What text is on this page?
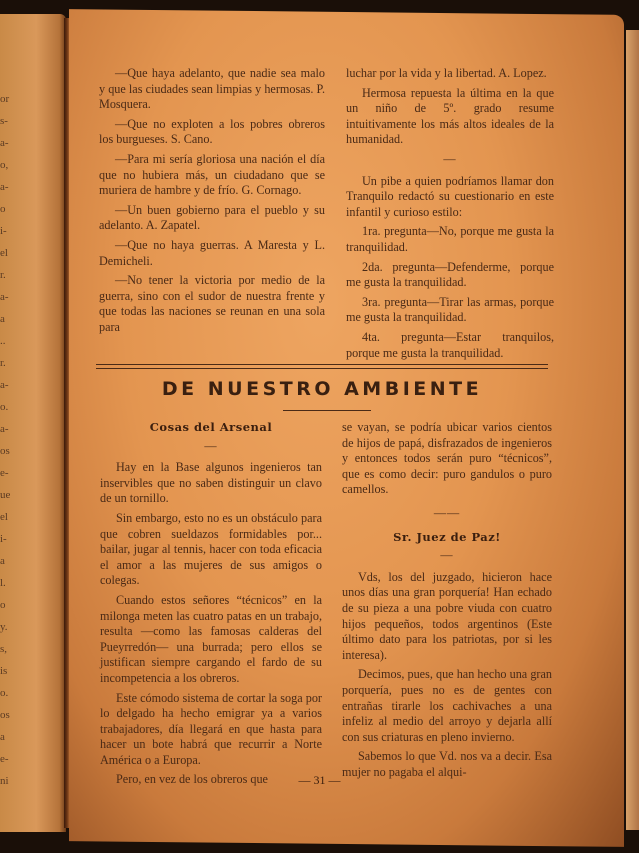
or
s-
a-
o,
a-
o
i-
el
r.
a-
a
..
r.
a-
o.
a-
os
e-
ue
el
i-
a
l.
o
y.
s,
is
o.
os
a
e-
ni

—Que haya adelanto, que nadie sea malo y que las ciudades sean limpias y hermosas. P. Mosquera.

—Que no exploten a los pobres obreros los burgueses. S. Cano.

—Para mi sería gloriosa una nación el día que no hubiera más, un ciudadano que se muriera de hambre y de frío. G. Cornago.

—Un buen gobierno para el pueblo y su adelanto. A. Zapatel.

—Que no haya guerras. A Maresta y L. Demicheli.

—No tener la victoria por medio de la guerra, sino con el sudor de nuestra frente y que todas las naciones se reunan en una sola para

luchar por la vida y la libertad. A. Lopez.

Hermosa repuesta la última en la que un niño de 5º. grado resume intuitivamente los más altos ideales de la humanidad.

—

Un pibe a quien podríamos llamar don Tranquilo redactó su cuestionario en este infantil y curioso estilo:

1ra. pregunta—No, porque me gusta la tranquilidad.

2da. pregunta—Defenderme, porque me gusta la tranquilidad.

3ra. pregunta—Tirar las armas, porque me gusta la tranquilidad.

4ta. pregunta—Estar tranquilos, porque me gusta la tranquilidad.

DE NUESTRO AMBIENTE
Cosas del Arsenal
—

Hay en la Base algunos ingenieros tan inservibles que no saben distinguir un clavo de un tornillo.

Sin embargo, esto no es un obstáculo para que cobren sueldazos formidables por... bailar, jugar al tennis, hacer con toda eficacia el amor a las mujeres de sus amigos o colegas.

Cuando estos señores “técnicos” en la milonga meten las cuatro patas en un trabajo, resulta —como las famosas calderas del Pueyrredón— una burrada; pero ellos se justifican siempre cargando el fardo de su incompetencia a los obreros.

Este cómodo sistema de cortar la soga por lo delgado ha hecho emigrar ya a varios trabajadores, día llegará en que hasta para hacer un bote habrá que recurrir a Norte América o a Europa.

Pero, en vez de los obreros que

se vayan, se podría ubicar varios cientos de hijos de papá, disfrazados de ingenieros y entonces todos serán puro “técnicos”, que es como decir: puro gandulos o puro camellos.

——
Sr. Juez de Paz!
—

Vds, los del juzgado, hicieron hace unos días una gran porquería! Han echado de su pieza a una pobre viuda con cuatro hijos pequeños, todos argentinos (Este último dato para los patriotas, por si les interesa).

Decimos, pues, que han hecho una gran porquería, pues no es de gentes con entrañas tirarle los cachivaches a una infeliz al medio del arroyo y dejarla allí con sus criaturas en pleno invierno.

Sabemos lo que Vd. nos va a decir. Esa mujer no pagaba el alqui-

— 31 —
